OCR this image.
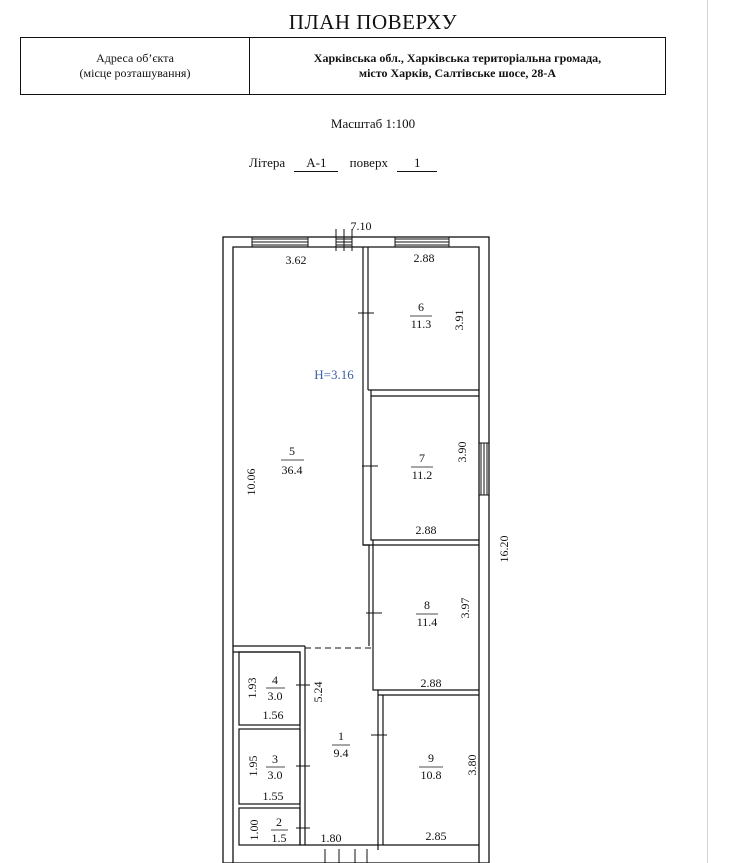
ПЛАН ПОВЕРХУ
Адреса об’єкта
(місце розташування)
Харківська обл., Харківська територіальна громада,
місто Харків, Салтівське шосе, 28-А
Масштаб 1:100
Літера А-1 поверх 1
5
36.4
6
11.3
7
11.2
8
11.4
9
10.8
1
9.4
2
1.5
3
3.0
4
3.0
Н=3.16
7.10
3.62	2.88
2.88
2.88
2.85
1.80
1.56
1.55
10.06
3.91
3.90
3.97
3.80
16.20
5.24
1.93
1.95
1.00
